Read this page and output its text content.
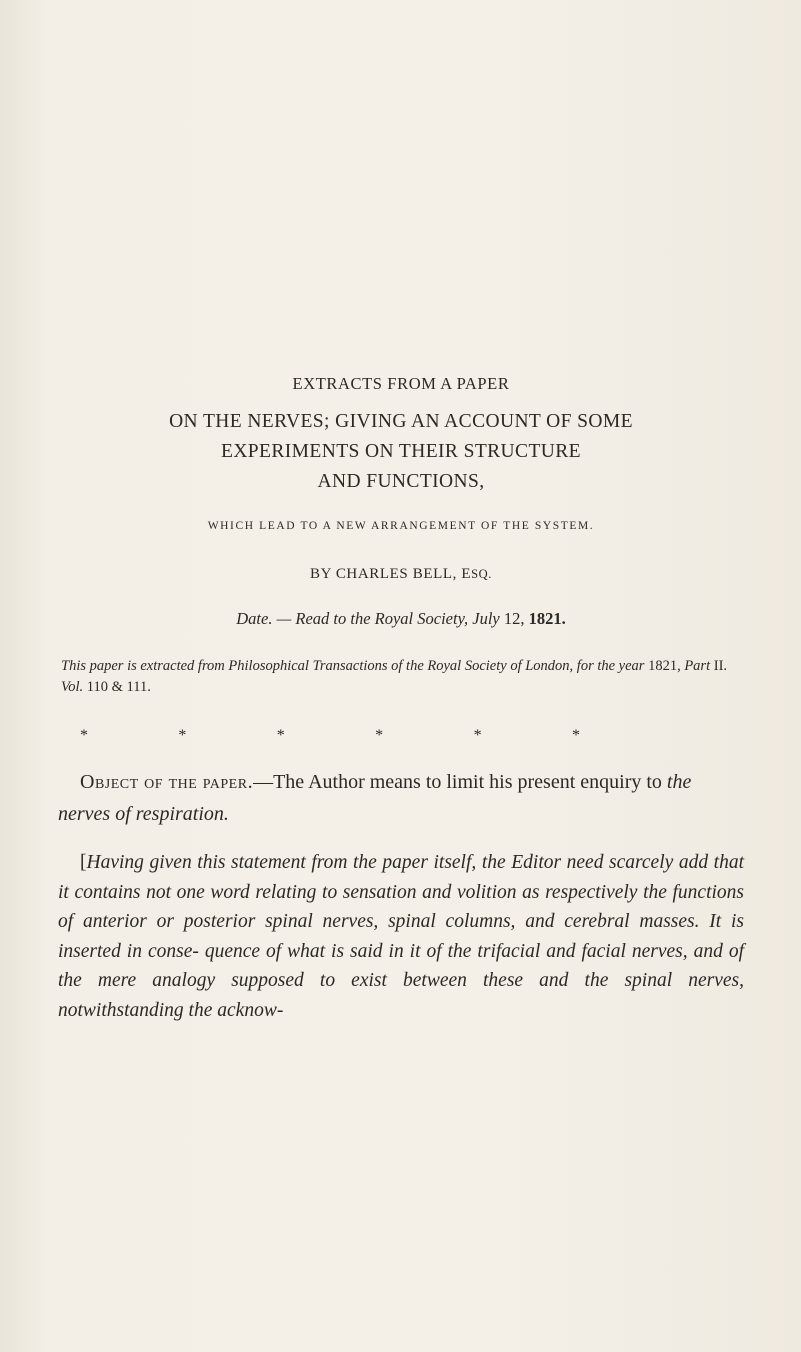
EXTRACTS FROM A PAPER

ON THE NERVES; GIVING AN ACCOUNT OF SOME
EXPERIMENTS ON THEIR STRUCTURE
AND FUNCTIONS,

WHICH LEAD TO A NEW ARRANGEMENT OF THE SYSTEM.

BY CHARLES BELL, ESQ.

Date. — Read to the Royal Society, July 12, 1821.

This paper is extracted from Philosophical Transactions of the Royal Society of London, for the year 1821, Part II. Vol. 110 & 111.

*	*	*	*	*	*

Object of the paper.—The Author means to limit his present enquiry to the nerves of respiration.

[Having given this statement from the paper itself, the Editor need scarcely add that it contains not one word relating to sensation and volition as respectively the functions of anterior or posterior spinal nerves, spinal columns, and cerebral masses. It is inserted in conse- quence of what is said in it of the trifacial and facial nerves, and of the mere analogy supposed to exist between these and the spinal nerves, notwithstanding the acknow-
